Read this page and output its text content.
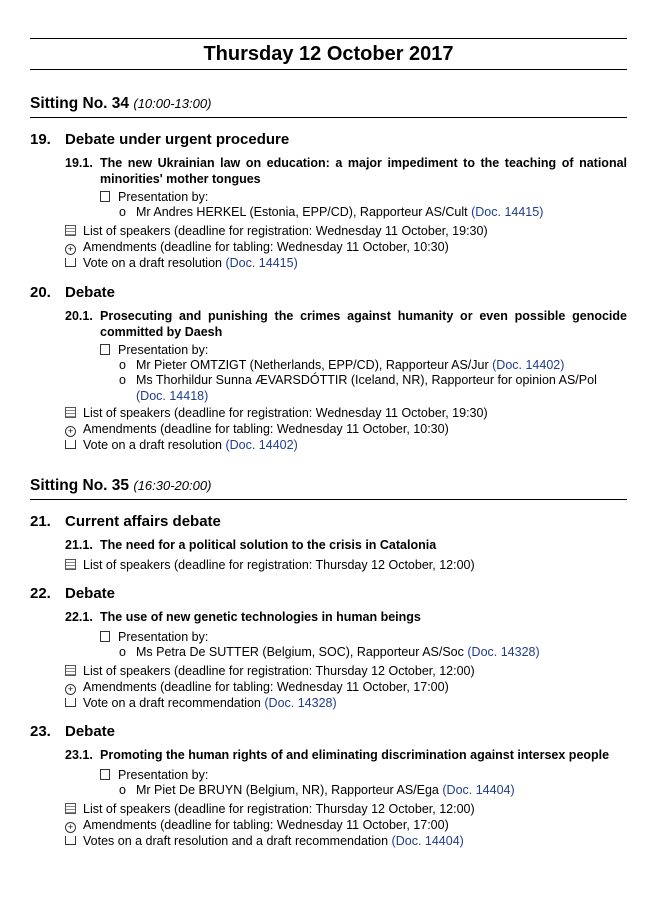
Thursday 12 October 2017
Sitting No. 34 (10:00-13:00)
19. Debate under urgent procedure
19.1. The new Ukrainian law on education: a major impediment to the teaching of national minorities' mother tongues
Presentation by:
o Mr Andres HERKEL (Estonia, EPP/CD), Rapporteur AS/Cult (Doc. 14415)
List of speakers (deadline for registration: Wednesday 11 October, 19:30)
+ Amendments (deadline for tabling: Wednesday 11 October, 10:30)
Vote on a draft resolution (Doc. 14415)
20. Debate
20.1. Prosecuting and punishing the crimes against humanity or even possible genocide committed by Daesh
Presentation by:
o Mr Pieter OMTZIGT (Netherlands, EPP/CD), Rapporteur AS/Jur (Doc. 14402)
o Ms Thorhildur Sunna ÆVARSDÓTTIR (Iceland, NR), Rapporteur for opinion AS/Pol (Doc. 14418)
List of speakers (deadline for registration: Wednesday 11 October, 19:30)
+ Amendments (deadline for tabling: Wednesday 11 October, 10:30)
Vote on a draft resolution (Doc. 14402)
Sitting No. 35 (16:30-20:00)
21. Current affairs debate
21.1. The need for a political solution to the crisis in Catalonia
List of speakers (deadline for registration: Thursday 12 October, 12:00)
22. Debate
22.1. The use of new genetic technologies in human beings
Presentation by:
o Ms Petra De SUTTER (Belgium, SOC), Rapporteur AS/Soc (Doc. 14328)
List of speakers (deadline for registration: Thursday 12 October, 12:00)
+ Amendments (deadline for tabling: Wednesday 11 October, 17:00)
Vote on a draft recommendation (Doc. 14328)
23. Debate
23.1. Promoting the human rights of and eliminating discrimination against intersex people
Presentation by:
o Mr Piet De BRUYN (Belgium, NR), Rapporteur AS/Ega (Doc. 14404)
List of speakers (deadline for registration: Thursday 12 October, 12:00)
+ Amendments (deadline for tabling: Wednesday 11 October, 17:00)
Votes on a draft resolution and a draft recommendation (Doc. 14404)
